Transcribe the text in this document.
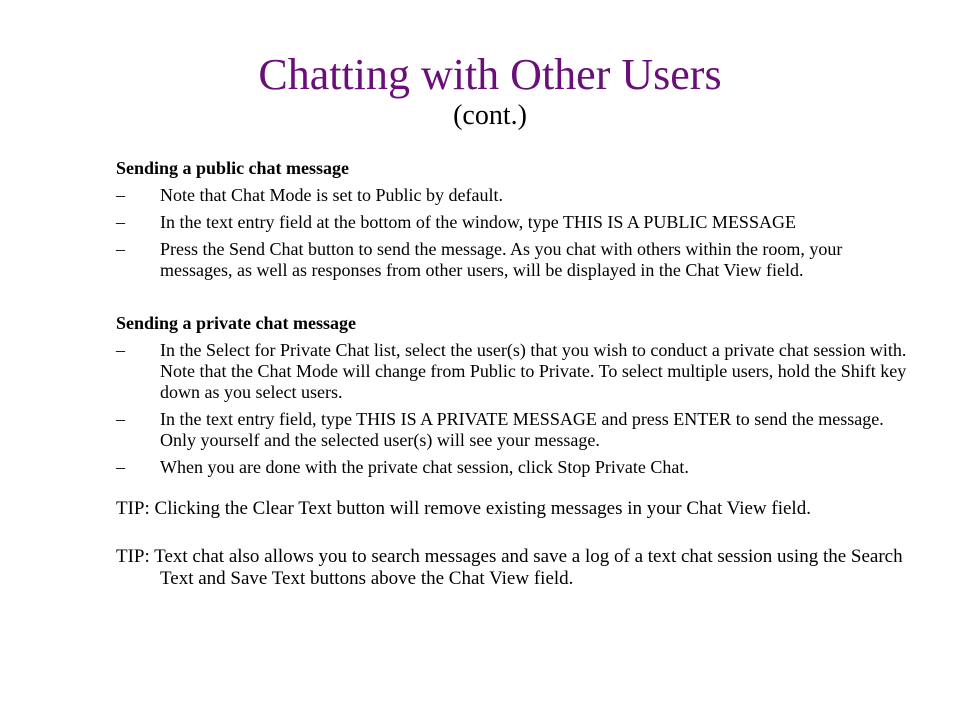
Chatting with Other Users
(cont.)

Sending a public chat message

–	Note that Chat Mode is set to Public by default.

–	In the text entry field at the bottom of the window, type THIS IS A PUBLIC MESSAGE

–	Press the Send Chat button to send the message. As you chat with others within the room, your messages, as well as responses from other users, will be displayed in the Chat View field.

Sending a private chat message

–	In the Select for Private Chat list, select the user(s) that you wish to conduct a private chat session with. Note that the Chat Mode will change from Public to Private. To select multiple users, hold the Shift key down as you select users.

–	In the text entry field, type THIS IS A PRIVATE MESSAGE and press ENTER to send the message. Only yourself and the selected user(s) will see your message.

–	When you are done with the private chat session, click Stop Private Chat.

TIP: Clicking the Clear Text button will remove existing messages in your Chat View field.

TIP: Text chat also allows you to search messages and save a log of a text chat session using the Search Text and Save Text buttons above the Chat View field.
